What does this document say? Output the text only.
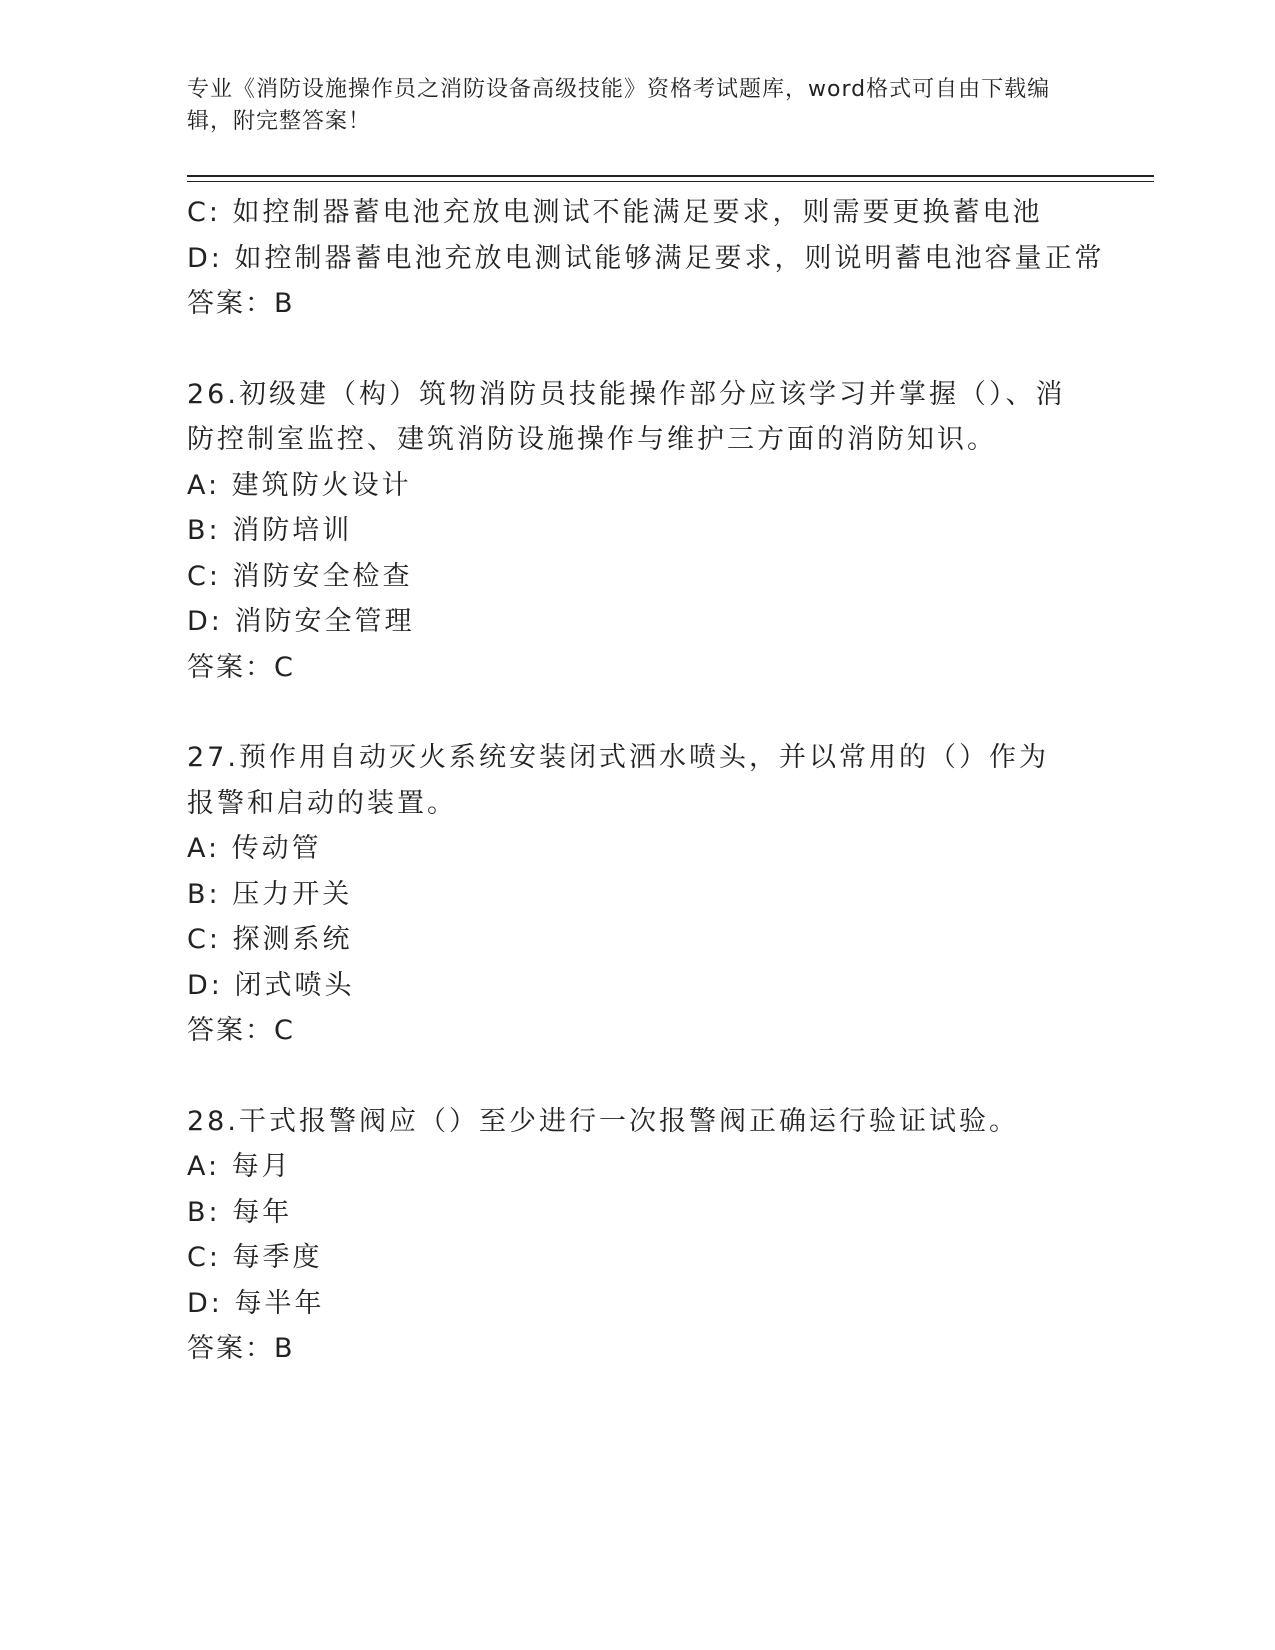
专业《消防设施操作员之消防设备高级技能》资格考试题库，word格式可自由下载编辑，附完整答案！
C: 如控制器蓄电池充放电测试不能满足要求，则需要更换蓄电池
D: 如控制器蓄电池充放电测试能够满足要求，则说明蓄电池容量正常
答案：B
26.初级建（构）筑物消防员技能操作部分应该学习并掌握（）、消防控制室监控、建筑消防设施操作与维护三方面的消防知识。
A: 建筑防火设计
B: 消防培训
C: 消防安全检查
D: 消防安全管理
答案：C
27.预作用自动灭火系统安装闭式洒水喷头，并以常用的（）作为报警和启动的装置。
A: 传动管
B: 压力开关
C: 探测系统
D: 闭式喷头
答案：C
28.干式报警阀应（）至少进行一次报警阀正确运行验证试验。
A: 每月
B: 每年
C: 每季度
D: 每半年
答案：B
